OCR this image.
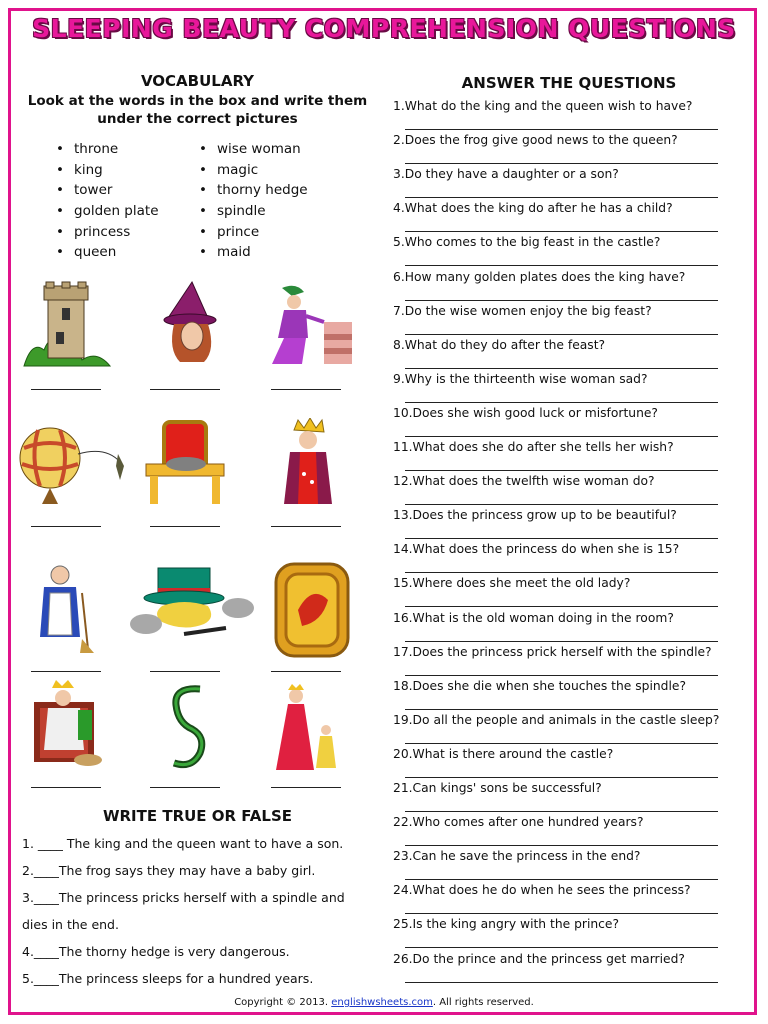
SLEEPING BEAUTY COMPREHENSION QUESTIONS
VOCABULARY
Look at the words in the box and write them under the correct pictures
• throne
• king
• tower
• golden plate
• princess
• queen
• wise woman
• magic
• thorny hedge
• spindle
• prince
• maid
WRITE TRUE OR FALSE
1. ____ The king and the queen want to have a son.
2.____The frog says they may have a baby girl.
3.____The princess pricks herself with a spindle and
dies in the end.
4.____The thorny hedge is very dangerous.
5.____The princess sleeps for a hundred years.
ANSWER THE QUESTIONS
1.What do the king and the queen wish to have?
2.Does the frog give good news to the queen?
3.Do they have a daughter or a son?
4.What does the king do after he has a child?
5.Who comes to the big feast in the castle?
6.How many golden plates does the king have?
7.Do the wise women enjoy the big feast?
8.What do they do after the feast?
9.Why is the thirteenth wise woman sad?
10.Does she wish good luck or misfortune?
11.What does she do after she tells her wish?
12.What does the twelfth wise woman do?
13.Does the princess grow up to be beautiful?
14.What does the princess do when she is 15?
15.Where does she meet the old lady?
16.What is the old woman doing in the room?
17.Does the princess prick herself with the spindle?
18.Does she die when she touches the spindle?
19.Do all the people and animals in the castle sleep?
20.What is there around the castle?
21.Can kings' sons be successful?
22.Who comes after one hundred years?
23.Can he save the princess in the end?
24.What does he do when he sees the princess?
25.Is the king angry with the prince?
26.Do the prince and the princess get married?
Copyright © 2013. englishwsheets.com. All rights reserved.
